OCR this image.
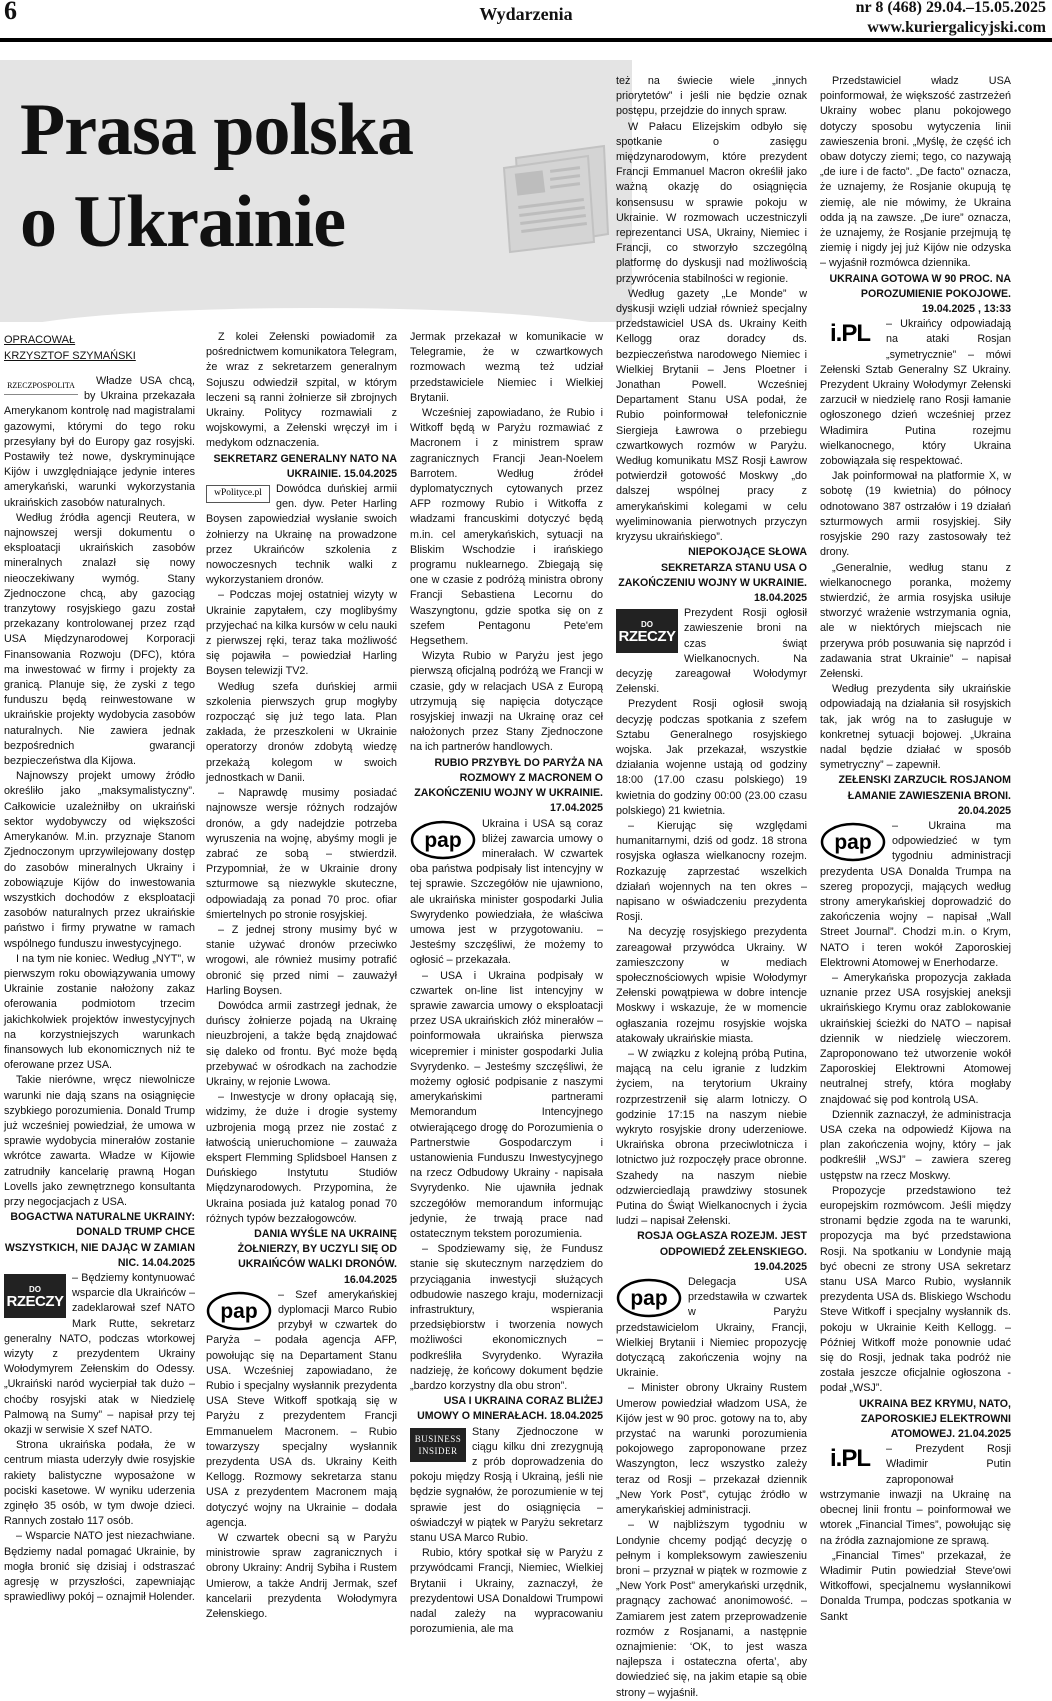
6	Wydarzenia	nr 8 (468) 29.04.–15.05.2025
www.kuriergalicyjski.com
Prasa polska
o Ukrainie
OPRACOWAŁ
KRZYSZTOF SZYMAŃSKI
RZECZPOSPOLITA	Władze USA chcą, by Ukraina przekazała Amerykanom kontrolę nad magistralami gazowymi, którymi do tego roku przesyłany był do Europy gaz rosyjski. Postawiły też nowe, dyskryminujące Kijów i uwzględniające jedynie interes amerykański, warunki wykorzystania ukraińskich zasobów naturalnych.

Według źródła agencji Reutera, w najnowszej wersji dokumentu o eksploatacji ukraińskich zasobów mineralnych znalazł się nowy nieoczekiwany wymóg. Stany Zjednoczone chcą, aby gazociąg tranzytowy rosyjskiego gazu został przekazany kontrolowanej przez rząd USA Międzynarodowej Korporacji Finansowania Rozwoju (DFC), która ma inwestować w firmy i projekty za granicą. Planuje się, że zyski z tego funduszu będą reinwestowane w ukraińskie projekty wydobycia zasobów naturalnych. Nie zawiera jednak bezpośrednich gwarancji bezpieczeństwa dla Kijowa.

Najnowszy projekt umowy źródło określiło jako „maksymalistyczny”. Całkowicie uzależniłby on ukraiński sektor wydobywczy od większości Amerykanów. M.in. przyznaje Stanom Zjednoczonym uprzywilejowany dostęp do zasobów mineralnych Ukrainy i zobowiązuje Kijów do inwestowania wszystkich dochodów z eksploatacji zasobów naturalnych przez ukraińskie państwo i firmy prywatne w ramach wspólnego funduszu inwestycyjnego.

I na tym nie koniec. Według „NYT”, w pierwszym roku obowiązywania umowy Ukrainie zostanie nałożony zakaz oferowania podmiotom trzecim jakichkolwiek projektów inwestycyjnych na korzystniejszych warunkach finansowych lub ekonomicznych niż te oferowane przez USA.

Takie nierówne, wręcz niewolnicze warunki nie dają szans na osiągnięcie szybkiego porozumienia. Donald Trump już wcześniej powiedział, że umowa w sprawie wydobycia minerałów zostanie wkrótce zawarta. Władze w Kijowie zatrudniły kancelarię prawną Hogan Lovells jako zewnętrznego konsultanta przy negocjacjach z USA.

BOGACTWA NATURALNE UKRAINY: DONALD TRUMP CHCE WSZYSTKICH, NIE DAJĄC W ZAMIAN NIC. 14.04.2025
DO
RZECZY

– Będziemy kontynuować wsparcie dla Ukraińców – zadeklarował szef NATO Mark Rutte, sekretarz generalny NATO, podczas wtorkowej wizyty z prezydentem Ukrainy Wołodymyrem Zełenskim do Odessy. „Ukraiński naród wycierpiał tak dużo – choćby rosyjski atak w Niedzielę Palmową na Sumy” – napisał przy tej okazji w serwisie X szef NATO.

Strona ukraińska podała, że w centrum miasta uderzyły dwie rosyjskie rakiety balistyczne wyposażone w pociski kasetowe. W wyniku uderzenia zginęło 35 osób, w tym dwoje dzieci. Rannych zostało 117 osób.

– Wsparcie NATO jest niezachwiane. Będziemy nadal pomagać Ukrainie, by mogła bronić się dzisiaj i odstraszać agresję w przyszłości, zapewniając sprawiedliwy pokój – oznajmił Holender.

Z kolei Zełenski powiadomił za pośrednictwem komunikatora Telegram, że wraz z sekretarzem generalnym Sojuszu odwiedził szpital, w którym leczeni są ranni żołnierze sił zbrojnych Ukrainy. Politycy rozmawiali z wojskowymi, a Zełenski wręczył im i medykom odznaczenia.

SEKRETARZ GENERALNY NATO NA UKRAINIE. 15.04.2025
wPolityce.pl	Dowódca duńskiej armii gen. dyw. Peter Harling Boysen zapowiedział wysłanie swoich żołnierzy na Ukrainę na prowadzone przez Ukraińców szkolenia z nowoczesnych technik walki z wykorzystaniem dronów.

– Podczas mojej ostatniej wizyty w Ukrainie zapytałem, czy moglibyśmy przyjechać na kilka kursów w celu nauki z pierwszej ręki, teraz taka możliwość się pojawiła – powiedział Harling Boysen telewizji TV2.

Według szefa duńskiej armii szkolenia pierwszych grup mogłyby rozpocząć się już tego lata. Plan zakłada, że przeszkoleni w Ukrainie operatorzy dronów zdobytą wiedzę przekażą kolegom w swoich jednostkach w Danii.

– Naprawdę musimy posiadać najnowsze wersje różnych rodzajów dronów, a gdy nadejdzie potrzeba wyruszenia na wojnę, abyśmy mogli je zabrać ze sobą – stwierdził. Przypomniał, że w Ukrainie drony szturmowe są niezwykle skuteczne, odpowiadają za ponad 70 proc. ofiar śmiertelnych po stronie rosyjskiej.

– Z jednej strony musimy być w stanie używać dronów przeciwko wrogowi, ale również musimy potrafić obronić się przed nimi – zauważył Harling Boysen.

Dowódca armii zastrzegł jednak, że duńscy żołnierze pojadą na Ukrainę nieuzbrojeni, a także będą znajdować się daleko od frontu. Być może będą przebywać w ośrodkach na zachodzie Ukrainy, w rejonie Lwowa.

– Inwestycje w drony opłacają się, widzimy, że duże i drogie systemy uzbrojenia mogą przez nie zostać z łatwością unieruchomione – zauważa ekspert Flemming Splidsboel Hansen z Duńskiego Instytutu Studiów Międzynarodowych. Przypomina, że Ukraina posiada już katalog ponad 70 różnych typów bezzałogowców.

DANIA WYŚLE NA UKRAINĘ ŻOŁNIERZY, BY UCZYLI SIĘ OD UKRAIŃCÓW WALKI DRONÓW. 16.04.2025
pap

– Szef amerykańskiej dyplomacji Marco Rubio przybył w czwartek do Paryża – podała agencja AFP, powołując się na Departament Stanu USA. Wcześniej zapowiadano, że Rubio i specjalny wysłannik prezydenta USA Steve Witkoff spotkają się w Paryżu z prezydentem Francji Emmanuelem Macronem. – Rubio towarzyszy specjalny wysłannik prezydenta USA ds. Ukrainy Keith Kellogg. Rozmowy sekretarza stanu USA z prezydentem Macronem mają dotyczyć wojny na Ukrainie – dodała agencja.

W czwartek obecni są w Paryżu ministrowie spraw zagranicznych i obrony Ukrainy: Andrij Sybiha i Rustem Umierow, a także Andrij Jermak, szef kancelarii prezydenta Wołodymyra Zełenskiego.

Jermak przekazał w komunikacie w Telegramie, że w czwartkowych rozmowach wezmą też udział przedstawiciele Niemiec i Wielkiej Brytanii.

Wcześniej zapowiadano, że Rubio i Witkoff będą w Paryżu rozmawiać z Macronem i z ministrem spraw zagranicznych Francji Jean-Noelem Barrotem. Według źródeł dyplomatycznych cytowanych przez AFP rozmowy Rubio i Witkoffa z władzami francuskimi dotyczyć będą m.in. cel amerykańskich, sytuacji na Bliskim Wschodzie i irańskiego programu nuklearnego. Zbiegają się one w czasie z podróżą ministra obrony Francji Sebastiena Lecornu do Waszyngtonu, gdzie spotka się on z szefem Pentagonu Pete'em Hegsethem.

Wizyta Rubio w Paryżu jest jego pierwszą oficjalną podróżą we Francji w czasie, gdy w relacjach USA z Europą utrzymują się napięcia dotyczące rosyjskiej inwazji na Ukrainę oraz ceł nałożonych przez Stany Zjednoczone na ich partnerów handlowych.

RUBIO PRZYBYŁ DO PARYŻA NA ROZMOWY Z MACRONEM O ZAKOŃCZENIU WOJNY W UKRAINIE. 17.04.2025
pap

Ukraina i USA są coraz bliżej zawarcia umowy o minerałach. W czwartek oba państwa podpisały list intencyjny w tej sprawie. Szczegółów nie ujawniono, ale ukraińska minister gospodarki Julia Swyrydenko powiedziała, że właściwa umowa jest w przygotowaniu. – Jesteśmy szczęśliwi, że możemy to ogłosić – przekazała.

– USA i Ukraina podpisały w czwartek on-line list intencyjny w sprawie zawarcia umowy o eksploatacji przez USA ukraińskich złóż minerałów – poinformowała ukraińska pierwsza wicepremier i minister gospodarki Julia Svyrydenko. – Jesteśmy szczęśliwi, że możemy ogłosić podpisanie z naszymi amerykańskimi partnerami Memorandum Intencyjnego otwierającego drogę do Porozumienia o Partnerstwie Gospodarczym i ustanowienia Funduszu Inwestycyjnego na rzecz Odbudowy Ukrainy - napisała Svyrydenko. Nie ujawniła jednak szczegółów memorandum informując jedynie, że trwają prace nad ostatecznym tekstem porozumienia.

– Spodziewamy się, że Fundusz stanie się skutecznym narzędziem do przyciągania inwestycji służących odbudowie naszego kraju, modernizacji infrastruktury, wspierania przedsiębiorstw i tworzenia nowych możliwości ekonomicznych – podkreśliła Svyrydenko. Wyraziła nadzieję, że końcowy dokument będzie „bardzo korzystny dla obu stron”.

USA I UKRAINA CORAZ BLIŻEJ UMOWY O MINERAŁACH. 18.04.2025
BUSINESS
INSIDER

Stany Zjednoczone w ciągu kilku dni zrezygnują z prób doprowadzenia do pokoju między Rosją i Ukrainą, jeśli nie będzie sygnałów, że porozumienie w tej sprawie jest do osiągnięcia – oświadczył w piątek w Paryżu sekretarz stanu USA Marco Rubio.

Rubio, który spotkał się w Paryżu z przywódcami Francji, Niemiec, Wielkiej Brytanii i Ukrainy, zaznaczył, że prezydentowi USA Donaldowi Trumpowi nadal zależy na wypracowaniu porozumienia, ale ma

też na świecie wiele „innych priorytetów” i jeśli nie będzie oznak postępu, przejdzie do innych spraw.

W Pałacu Elizejskim odbyło się spotkanie o zasięgu międzynarodowym, które prezydent Francji Emmanuel Macron określił jako ważną okazję do osiągnięcia konsensusu w sprawie pokoju w Ukrainie. W rozmowach uczestniczyli reprezentanci USA, Ukrainy, Niemiec i Francji, co stworzyło szczególną platformę do dyskusji nad możliwością przywrócenia stabilności w regionie.

Według gazety „Le Monde” w dyskusji wzięli udział również specjalny przedstawiciel USA ds. Ukrainy Keith Kellogg oraz doradcy ds. bezpieczeństwa narodowego Niemiec i Wielkiej Brytanii – Jens Ploetner i Jonathan Powell. Wcześniej Departament Stanu USA podał, że Rubio poinformował telefonicznie Siergieja Ławrowa o przebiegu czwartkowych rozmów w Paryżu. Według komunikatu MSZ Rosji Ławrow potwierdził gotowość Moskwy „do dalszej wspólnej pracy z amerykańskimi kolegami w celu wyeliminowania pierwotnych przyczyn kryzysu ukraińskiego”.

NIEPOKOJĄCE SŁOWA SEKRETARZA STANU USA O ZAKOŃCZENIU WOJNY W UKRAINIE. 18.04.2025
DO
RZECZY

Prezydent Rosji ogłosił zawieszenie broni na czas świąt Wielkanocnych. Na decyzję zareagował Wołodymyr Zełenski.

Prezydent Rosji ogłosił swoją decyzję podczas spotkania z szefem Sztabu Generalnego rosyjskiego wojska. Jak przekazał, wszystkie działania wojenne ustają od godziny 18:00 (17.00 czasu polskiego) 19 kwietnia do godziny 00:00 (23.00 czasu polskiego) 21 kwietnia.

– Kierując się względami humanitarnymi, dziś od godz. 18 strona rosyjska ogłasza wielkanocny rozejm. Rozkazuję zaprzestać wszelkich działań wojennych na ten okres – napisano w oświadczeniu prezydenta Rosji.

Na decyzję rosyjskiego prezydenta zareagował przywódca Ukrainy. W zamieszczony w mediach społecznościowych wpisie Wołodymyr Zełenski powątpiewa w dobre intencje Moskwy i wskazuje, że w momencie ogłaszania rozejmu rosyjskie wojska atakowały ukraińskie miasta.

– W związku z kolejną próbą Putina, mającą na celu igranie z ludzkim życiem, na terytorium Ukrainy rozprzestrzenił się alarm lotniczy. O godzinie 17:15 na naszym niebie wykryto rosyjskie drony uderzeniowe. Ukraińska obrona przeciwlotnicza i lotnictwo już rozpoczęły prace obronne. Szahedy na naszym niebie odzwierciedlają prawdziwy stosunek Putina do Świąt Wielkanocnych i życia ludzi – napisał Zełenski.

ROSJA OGŁASZA ROZEJM. JEST ODPOWIEDŹ ZEŁENSKIEGO. 19.04.2025
pap

Delegacja USA przedstawiła w czwartek w Paryżu przedstawicielom Ukrainy, Francji, Wielkiej Brytanii i Niemiec propozycję dotyczącą zakończenia wojny na Ukrainie.

– Minister obrony Ukrainy Rustem Umerow powiedział władzom USA, że Kijów jest w 90 proc. gotowy na to, aby przystać na warunki porozumienia pokojowego zaproponowane przez Waszyngton, lecz wszystko zależy teraz od Rosji – przekazał dziennik „New York Post”, cytując źródło w amerykańskiej administracji.

– W najbliższym tygodniu w Londynie chcemy podjąć decyzję o pełnym i kompleksowym zawieszeniu broni – przyznał w piątek w rozmowie z „New York Post” amerykański urzędnik, pragnący zachować anonimowość. – Zamiarem jest zatem przeprowadzenie rozmów z Rosjanami, a następnie oznajmienie: ‘OK, to jest wasza najlepsza i ostateczna oferta’, aby dowiedzieć się, na jakim etapie są obie strony – wyjaśnił.

Przedstawiciel władz USA poinformował, że większość zastrzeżeń Ukrainy wobec planu pokojowego dotyczy sposobu wytyczenia linii zawieszenia broni. „Myślę, że część ich obaw dotyczy ziemi; tego, co nazywają „de iure i de facto”. „De facto” oznacza, że uznajemy, że Rosjanie okupują tę ziemię, ale nie mówimy, że Ukraina odda ją na zawsze. „De iure” oznacza, że uznajemy, że Rosjanie przejmują tę ziemię i nigdy jej już Kijów nie odzyska – wyjaśnił rozmówca dziennika.

UKRAINA GOTOWA W 90 PROC. NA POROZUMIENIE POKOJOWE. 19.04.2025 , 13:33
i.PL	– Ukraińcy odpowiadają na ataki Rosjan „symetrycznie” – mówi Zełenski Sztab Generalny SZ Ukrainy. Prezydent Ukrainy Wołodymyr Zełenski zarzucił w niedzielę rano Rosji łamanie ogłoszonego dzień wcześniej przez Władimira Putina rozejmu wielkanocnego, który Ukraina zobowiązała się respektować.

Jak poinformował na platformie X, w sobotę (19 kwietnia) do północy odnotowano 387 ostrzałów i 19 działań szturmowych armii rosyjskiej. Siły rosyjskie 290 razy zastosowały też drony.

„Generalnie, według stanu z wielkanocnego poranka, możemy stwierdzić, że armia rosyjska usiłuje stworzyć wrażenie wstrzymania ognia, ale w niektórych miejscach nie przerywa prób posuwania się naprzód i zadawania strat Ukrainie” – napisał Zełenski.

Według prezydenta siły ukraińskie odpowiadają na działania sił rosyjskich tak, jak wróg na to zasługuje w konkretnej sytuacji bojowej. „Ukraina nadal będzie działać w sposób symetryczny” – zapewnił.

ZEŁENSKI ZARZUCIŁ ROSJANOM ŁAMANIE ZAWIESZENIA BRONI. 20.04.2025
pap

– Ukraina ma odpowiedzieć w tym tygodniu administracji prezydenta USA Donalda Trumpa na szereg propozycji, mających według strony amerykańskiej doprowadzić do zakończenia wojny – napisał „Wall Street Journal”. Chodzi m.in. o Krym, NATO i teren wokół Zaporoskiej Elektrowni Atomowej w Enerhodarze.

– Amerykańska propozycja zakłada uznanie przez USA rosyjskiej aneksji ukraińskiego Krymu oraz zablokowanie ukraińskiej ścieżki do NATO – napisał dziennik w niedzielę wieczorem. Zaproponowano też utworzenie wokół Zaporoskiej Elektrowni Atomowej neutralnej strefy, która mogłaby znajdować się pod kontrolą USA.

Dziennik zaznaczył, że administracja USA czeka na odpowiedź Kijowa na plan zakończenia wojny, który – jak podkreślił „WSJ” – zawiera szereg ustępstw na rzecz Moskwy.

Propozycje przedstawiono też europejskim rozmówcom. Jeśli między stronami będzie zgoda na te warunki, propozycja ma być przedstawiona Rosji. Na spotkaniu w Londynie mają być obecni ze strony USA sekretarz stanu USA Marco Rubio, wysłannik prezydenta USA ds. Bliskiego Wschodu Steve Witkoff i specjalny wysłannik ds. pokoju w Ukrainie Keith Kellogg. – Później Witkoff może ponownie udać się do Rosji, jednak taka podróż nie została jeszcze oficjalnie ogłoszona - podał „WSJ”.

UKRAINA BEZ KRYMU, NATO, ZAPOROSKIEJ ELEKTROWNI ATOMOWEJ. 21.04.2025
i.PL	– Prezydent Rosji Władimir Putin zaproponował wstrzymanie inwazji na Ukrainę na obecnej linii frontu – poinformował we wtorek „Financial Times”, powołując się na źródła zaznajomione ze sprawą.

„Financial Times” przekazał, że Władimir Putin powiedział Steve'owi Witkoffowi, specjalnemu wysłannikowi Donalda Trumpa, podczas spotkania w Sankt
